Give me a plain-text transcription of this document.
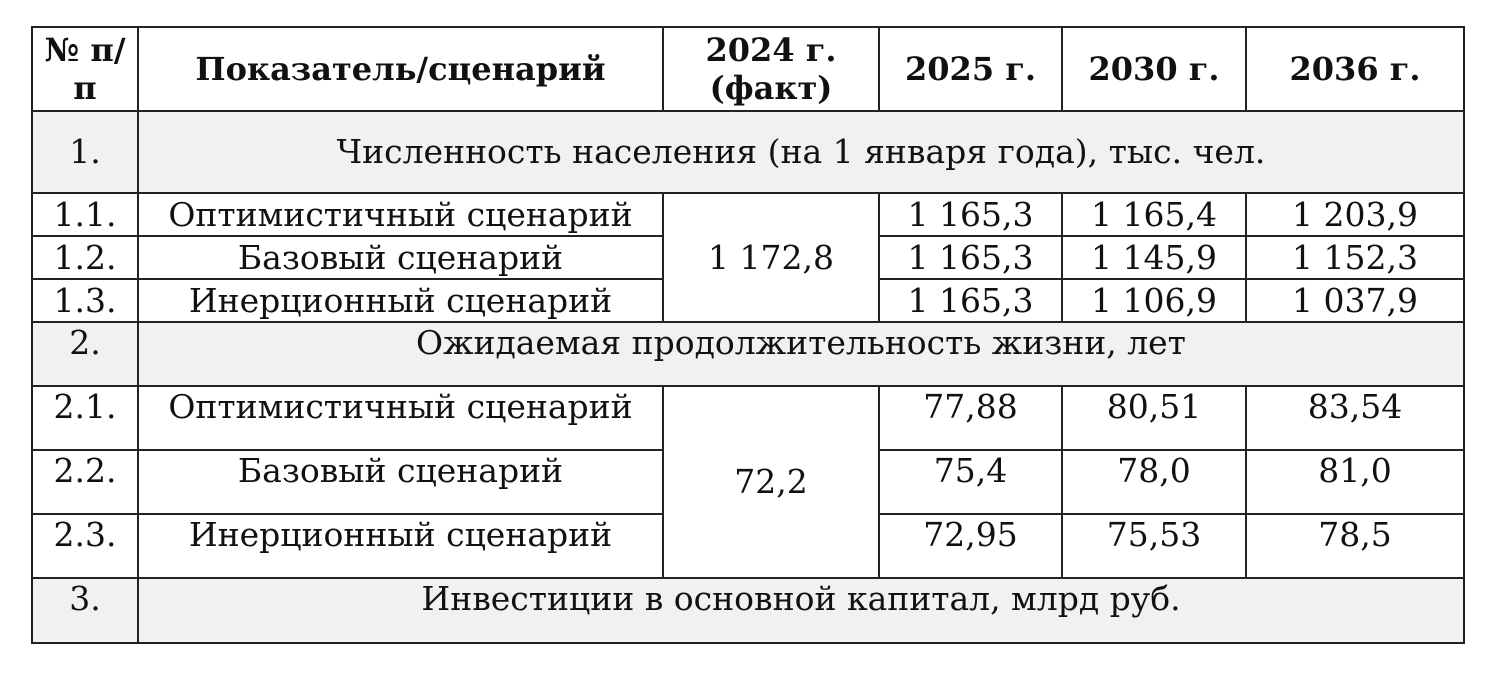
№ п/п	Показатель/сценарий	2024 г. (факт)	2025 г.	2030 г.	2036 г.
1.	Численность населения (на 1 января года), тыс. чел.				
1.1.	Оптимистичный сценарий	1 172,8	1 165,3	1 165,4	1 203,9
1.2.	Базовый сценарий		1 165,3	1 145,9	1 152,3
1.3.	Инерционный сценарий		1 165,3	1 106,9	1 037,9
2.	Ожидаемая продолжительность жизни, лет				
2.1.	Оптимистичный сценарий	72,2	77,88	80,51	83,54
2.2.	Базовый сценарий		75,4	78,0	81,0
2.3.	Инерционный сценарий		72,95	75,53	78,5
3.	Инвестиции в основной капитал, млрд руб.				
